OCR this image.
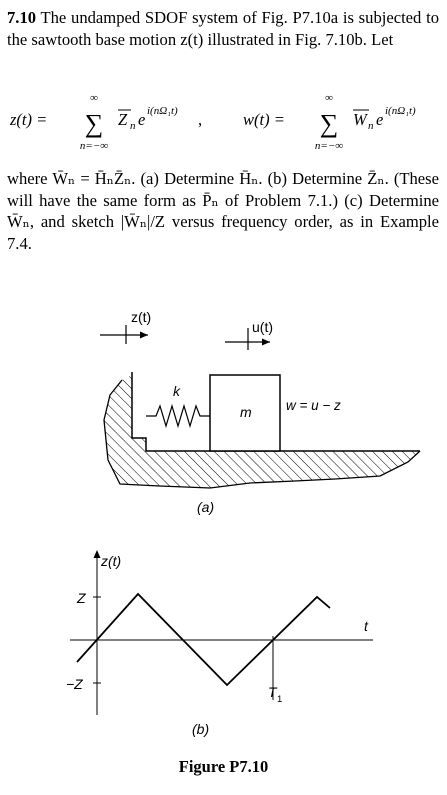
7.10 The undamped SDOF system of Fig. P7.10a is subjected to the sawtooth base motion z(t) illustrated in Fig. 7.10b. Let
z(t) =
∞
∑
n=−∞
Z n e i(nΩ₁t) , w(t) =
∞
∑
n=−∞
W n e i(nΩ₁t)
where W̄ₙ = H̄ₙZ̄ₙ. (a) Determine H̄ₙ. (b) Determine Z̄ₙ. (These will have the same form as P̄ₙ of Problem 7.1.) (c) Determine W̄ₙ, and sketch |W̄ₙ|/Z versus frequency order, as in Example 7.4.
z(t)
u(t)
k
m	w = u − z
(a)
z(t)
t
Z
−Z	T 1
(b)
Figure P7.10
